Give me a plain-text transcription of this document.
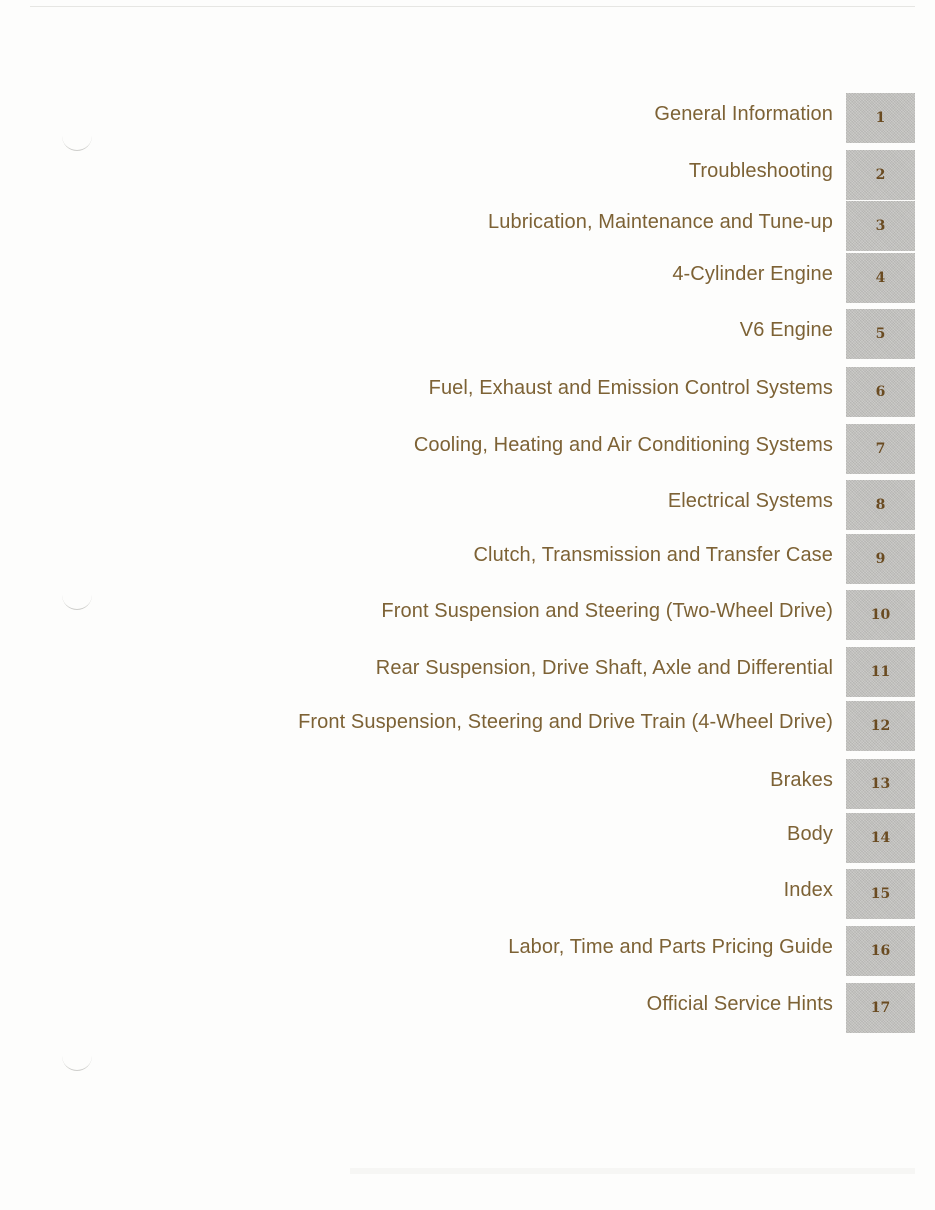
General Information	1
Troubleshooting	2
Lubrication, Maintenance and Tune-up	3
4-Cylinder Engine	4
V6 Engine	5
Fuel, Exhaust and Emission Control Systems	6
Cooling, Heating and Air Conditioning Systems	7
Electrical Systems	8
Clutch, Transmission and Transfer Case	9
Front Suspension and Steering (Two-Wheel Drive)	10
Rear Suspension, Drive Shaft, Axle and Differential	11
Front Suspension, Steering and Drive Train (4-Wheel Drive)	12
Brakes	13
Body	14
Index	15
Labor, Time and Parts Pricing Guide	16
Official Service Hints	17
